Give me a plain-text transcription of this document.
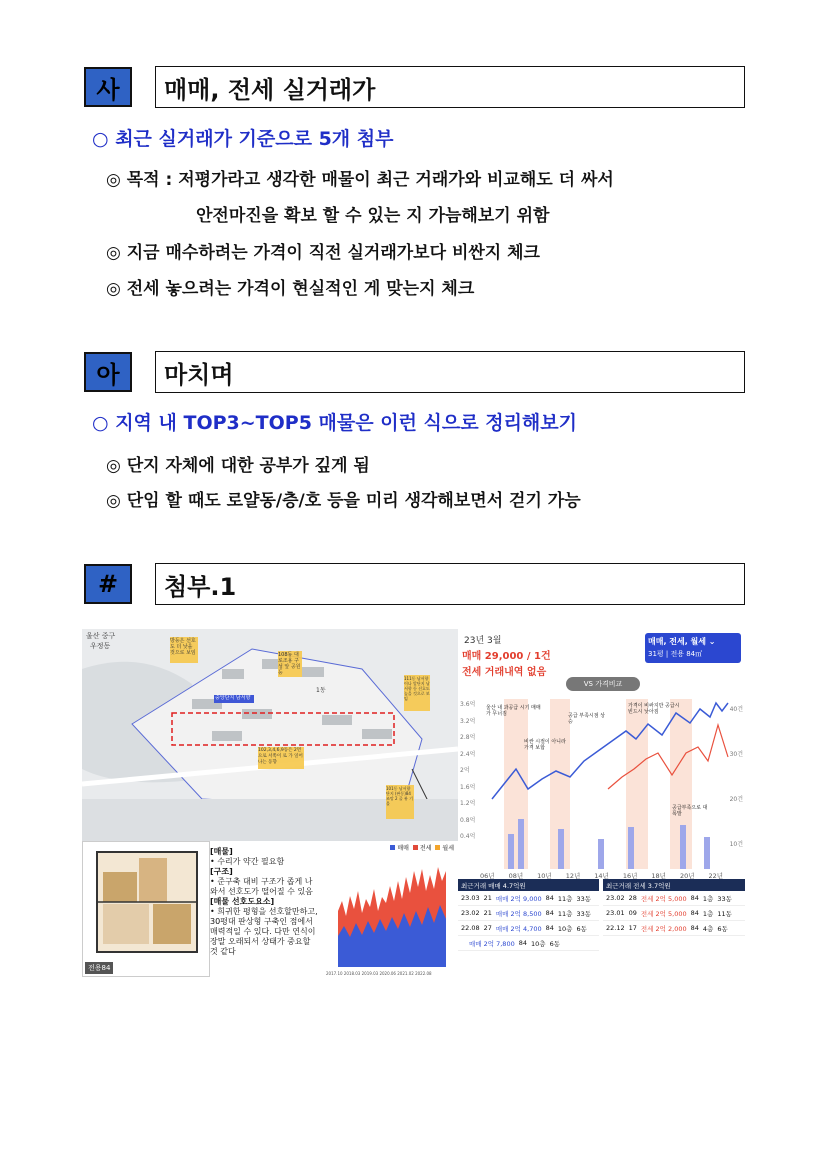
사	매매, 전세 실거래가
○ 최근 실거래가 기준으로 5개 첨부
◎ 목적 : 저평가라고 생각한 매물이 최근 거래가와 비교해도 더 싸서
안전마진을 확보 할 수 있는 지 가늠해보기 위함
◎ 지금 매수하려는 가격이 직전 실거래가보다 비싼지 체크
◎ 전세 놓으려는 가격이 현실적인 게 맞는지 체크
아	마치며
○ 지역 내 TOP3~TOP5 매물은 이런 식으로 정리해보기
◎ 단지 자체에 대한 공부가 깊게 됨
◎ 단임 할 때도 로얄동/층/호 등을 미리 생각해보면서 걷기 가능
#	첨부.1
울산 중구
우정동
방등은 선호도 더 낮을 것으로 보임	108동 대로조용 구성 앞 공원 등
111동 남서향이나 앞단지 남서향 등 선호도 높을 것으로 보임
중앙단지 남서향
102,3,4,6,9동은 2면으로 서쪽이 로 가 일어나는 동향
101동 남서향 단지 (판동)84 조망 2 줄 뷰 기울
1동
전용84
[매물]
• 수리가 약간 필요함
[구조]
• 준구축 대비 구조가 좁게 나와서 선호도가 떨어질 수 있음
[매물 선호도요소]
• 희귀한 평형을 선호할만하고, 30평대 판상형 구축인 점에서 매력적일 수 있다. 다만 연식이 장말 오래되서 상태가 중요할 것 같다
매매	전세	월세
2017.10 2018.03 2019.03 2020.06 2021.02 2022.08
23년 3월
매매 29,000 / 1건
전세 거래내역 없음
매매, 전세, 월세 ⌄
31평 | 전용 84㎡
VS 가격비교
울산 내 과공급 시기 매매가 무너짐
비싼 시절이 아니라 가격 보합
공급 부족시점 상승
가격이 비싸지만 공급시 빈드시 낮아짐
공급부족으로 대폭발
3.6억
3.2억
2.8억
2.4억
2억
1.6억
1.2억
0.8억
0.4억
40건
30건
20건
10건
06년 08년 10년 12년 14년 16년 18년 20년 22년
최근거래 매매 4.7억원
23.03 21 매매 2억 9,000 84 11층 33동
23.02 21 매매 2억 8,500 84 11층 33동
22.08 27 매매 2억 4,700 84 10층 6동
매매 2억 7,800 84 10층 6동
최근거래 전세 3.7억원
23.02 28 전세 2억 5,000 84 1층 33동
23.01 09 전세 2억 5,000 84 1층 11동
22.12 17 전세 2억 2,000 84 4층 6동
